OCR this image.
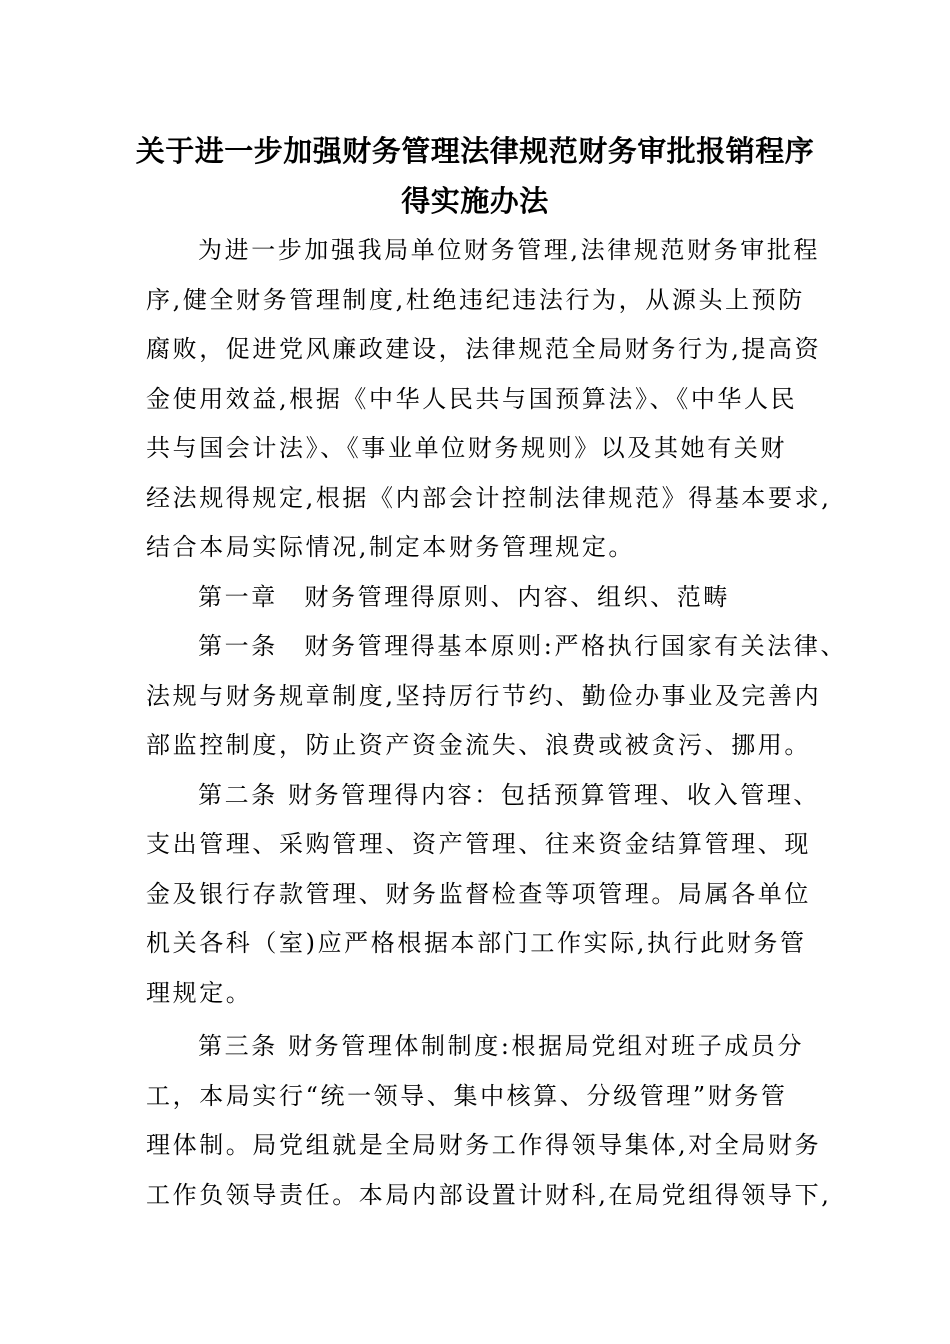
关于进一步加强财务管理法律规范财务审批报销程序
得实施办法
为进一步加强我局单位财务管理,法律规范财务审批程
序,健全财务管理制度,杜绝违纪违法行为，从源头上预防
腐败，促进党风廉政建设，法律规范全局财务行为,提高资
金使用效益,根据《中华人民共与国预算法》、《中华人民
共与国会计法》、《事业单位财务规则》以及其她有关财
经法规得规定,根据《内部会计控制法律规范》得基本要求,
结合本局实际情况,制定本财务管理规定。
第一章　财务管理得原则、内容、组织、范畴
第一条　财务管理得基本原则:严格执行国家有关法律、
法规与财务规章制度,坚持厉行节约、勤俭办事业及完善内
部监控制度，防止资产资金流失、浪费或被贪污、挪用。
第二条 财务管理得内容：包括预算管理、收入管理、
支出管理、采购管理、资产管理、往来资金结算管理、现
金及银行存款管理、财务监督检查等项管理。局属各单位
机关各科（室)应严格根据本部门工作实际,执行此财务管
理规定。
第三条 财务管理体制制度:根据局党组对班子成员分
工，本局实行“统一领导、集中核算、分级管理”财务管
理体制。局党组就是全局财务工作得领导集体,对全局财务
工作负领导责任。本局内部设置计财科,在局党组得领导下,
